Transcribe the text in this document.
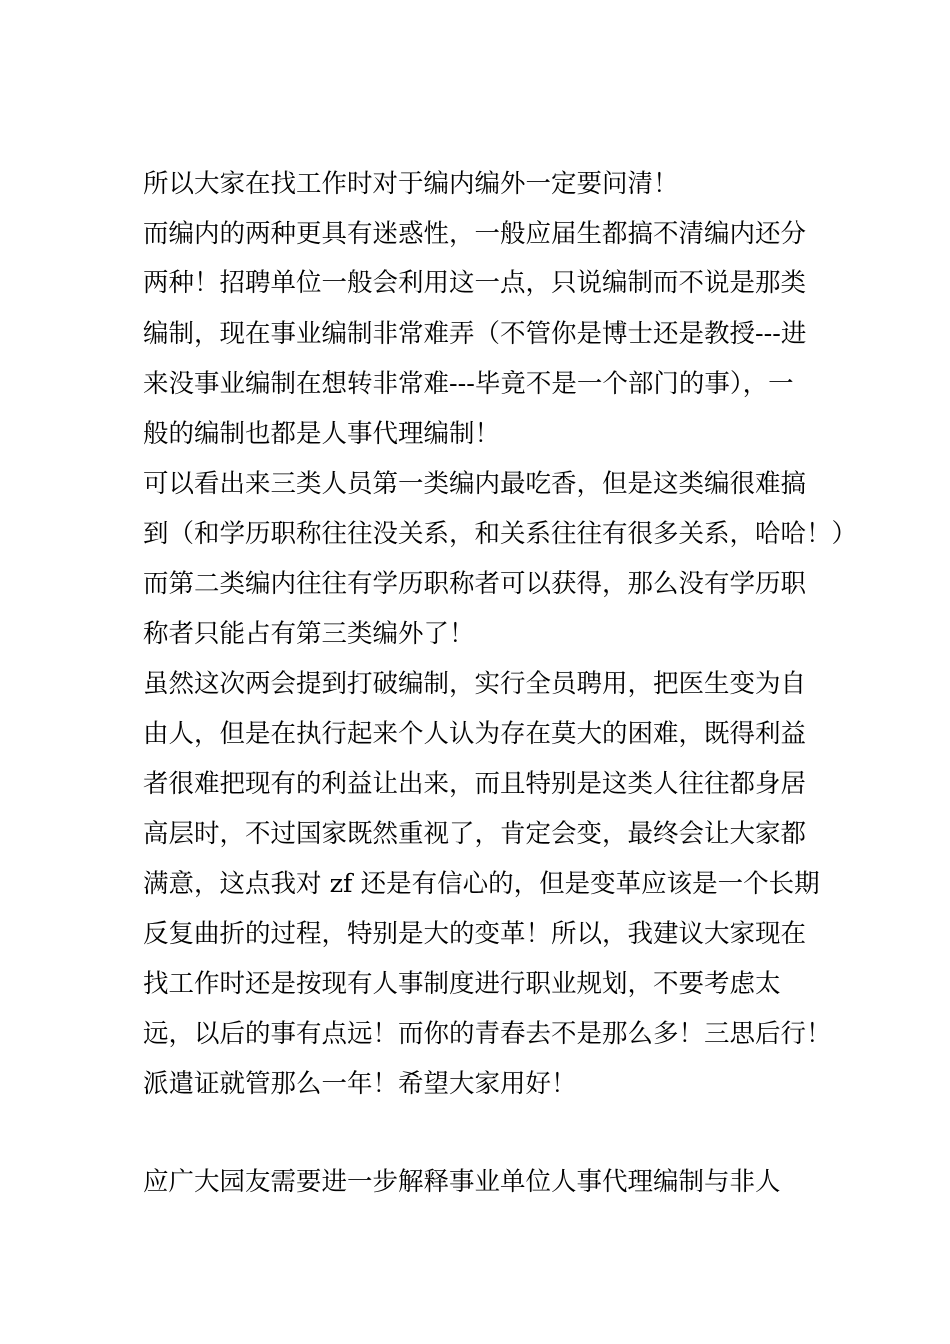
所以大家在找工作时对于编内编外一定要问清！
而编内的两种更具有迷惑性，一般应届生都搞不清编内还分
两种！招聘单位一般会利用这一点，只说编制而不说是那类
编制，现在事业编制非常难弄（不管你是博士还是教授---进
来没事业编制在想转非常难---毕竟不是一个部门的事），一
般的编制也都是人事代理编制！
可以看出来三类人员第一类编内最吃香，但是这类编很难搞
到（和学历职称往往没关系，和关系往往有很多关系，哈哈！）
而第二类编内往往有学历职称者可以获得，那么没有学历职
称者只能占有第三类编外了！
虽然这次两会提到打破编制，实行全员聘用，把医生变为自
由人，但是在执行起来个人认为存在莫大的困难，既得利益
者很难把现有的利益让出来，而且特别是这类人往往都身居
高层时，不过国家既然重视了，肯定会变，最终会让大家都
满意，这点我对 zf 还是有信心的，但是变革应该是一个长期
反复曲折的过程，特别是大的变革！所以，我建议大家现在
找工作时还是按现有人事制度进行职业规划，不要考虑太
远，以后的事有点远！而你的青春去不是那么多！三思后行！
派遣证就管那么一年！希望大家用好！
应广大园友需要进一步解释事业单位人事代理编制与非人
